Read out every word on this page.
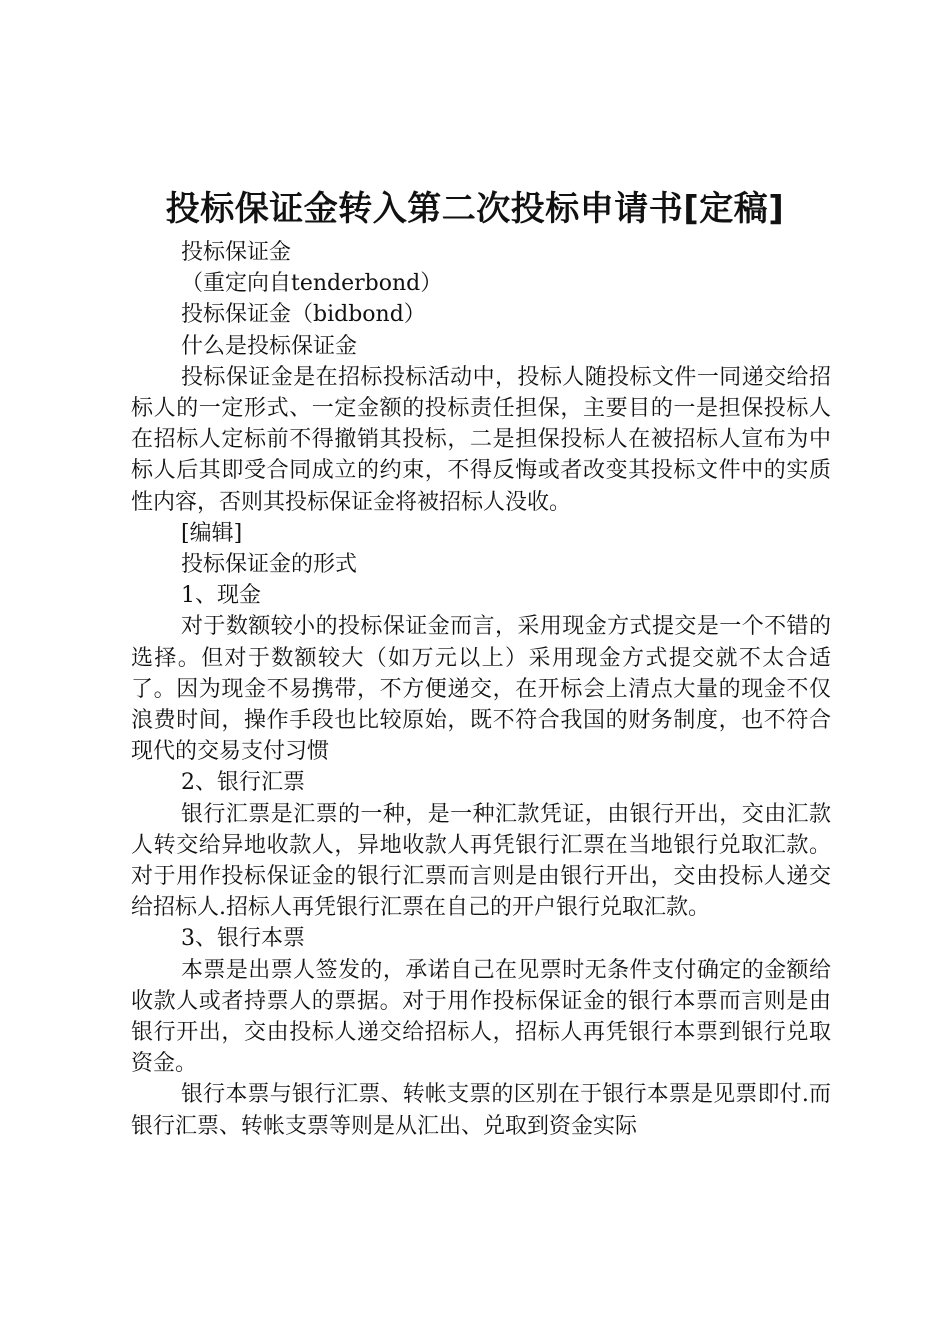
投标保证金转入第二次投标申请书[定稿]

投标保证金

（重定向自tenderbond）

投标保证金（bidbond）

什么是投标保证金

投标保证金是在招标投标活动中，投标人随投标文件一同递交给招标人的一定形式、一定金额的投标责任担保，主要目的一是担保投标人在招标人定标前不得撤销其投标，二是担保投标人在被招标人宣布为中标人后其即受合同成立的约束，不得反悔或者改变其投标文件中的实质性内容，否则其投标保证金将被招标人没收。

[编辑]

投标保证金的形式

1、现金

对于数额较小的投标保证金而言，采用现金方式提交是一个不错的选择。但对于数额较大（如万元以上）采用现金方式提交就不太合适了。因为现金不易携带，不方便递交，在开标会上清点大量的现金不仅浪费时间，操作手段也比较原始，既不符合我国的财务制度，也不符合现代的交易支付习惯

2、银行汇票

银行汇票是汇票的一种，是一种汇款凭证，由银行开出，交由汇款人转交给异地收款人，异地收款人再凭银行汇票在当地银行兑取汇款。对于用作投标保证金的银行汇票而言则是由银行开出，交由投标人递交给招标人.招标人再凭银行汇票在自己的开户银行兑取汇款。

3、银行本票

本票是出票人签发的，承诺自己在见票时无条件支付确定的金额给收款人或者持票人的票据。对于用作投标保证金的银行本票而言则是由银行开出，交由投标人递交给招标人，招标人再凭银行本票到银行兑取资金。

银行本票与银行汇票、转帐支票的区别在于银行本票是见票即付.而银行汇票、转帐支票等则是从汇出、兑取到资金实际
